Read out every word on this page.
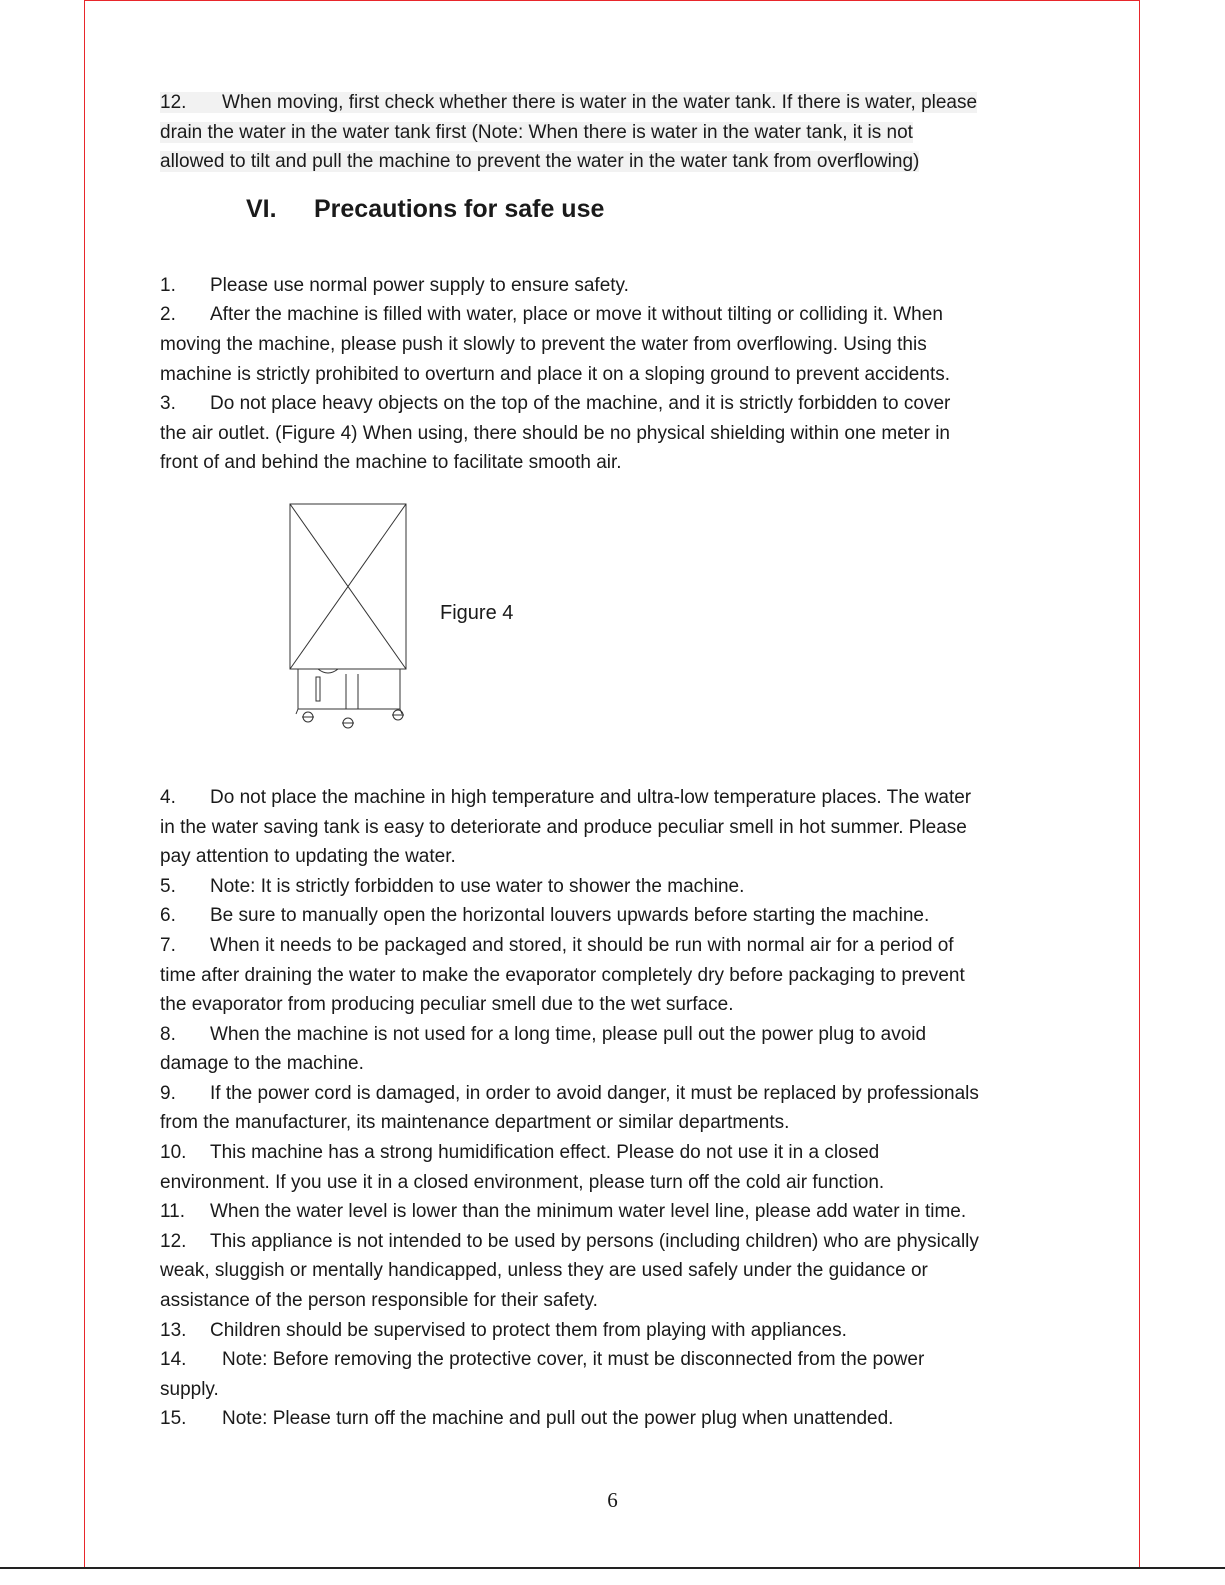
12. When moving, first check whether there is water in the water tank. If there is water, please

drain the water in the water tank first (Note: When there is water in the water tank, it is not

allowed to tilt and pull the machine to prevent the water in the water tank from overflowing)

VI. Precautions for safe use

1. Please use normal power supply to ensure safety.

2. After the machine is filled with water, place or move it without tilting or colliding it. When

moving the machine, please push it slowly to prevent the water from overflowing. Using this

machine is strictly prohibited to overturn and place it on a sloping ground to prevent accidents.

3. Do not place heavy objects on the top of the machine, and it is strictly forbidden to cover

the air outlet. (Figure 4) When using, there should be no physical shielding within one meter in

front of and behind the machine to facilitate smooth air.

Figure 4

4. Do not place the machine in high temperature and ultra-low temperature places. The water

in the water saving tank is easy to deteriorate and produce peculiar smell in hot summer. Please

pay attention to updating the water.

5. Note: It is strictly forbidden to use water to shower the machine.

6. Be sure to manually open the horizontal louvers upwards before starting the machine.

7. When it needs to be packaged and stored, it should be run with normal air for a period of

time after draining the water to make the evaporator completely dry before packaging to prevent

the evaporator from producing peculiar smell due to the wet surface.

8. When the machine is not used for a long time, please pull out the power plug to avoid

damage to the machine.

9. If the power cord is damaged, in order to avoid danger, it must be replaced by professionals

from the manufacturer, its maintenance department or similar departments.

10. This machine has a strong humidification effect. Please do not use it in a closed

environment. If you use it in a closed environment, please turn off the cold air function.

11. When the water level is lower than the minimum water level line, please add water in time.

12. This appliance is not intended to be used by persons (including children) who are physically

weak, sluggish or mentally handicapped, unless they are used safely under the guidance or

assistance of the person responsible for their safety.

13. Children should be supervised to protect them from playing with appliances.

14. Note: Before removing the protective cover, it must be disconnected from the power

supply.

15. Note: Please turn off the machine and pull out the power plug when unattended.

6
